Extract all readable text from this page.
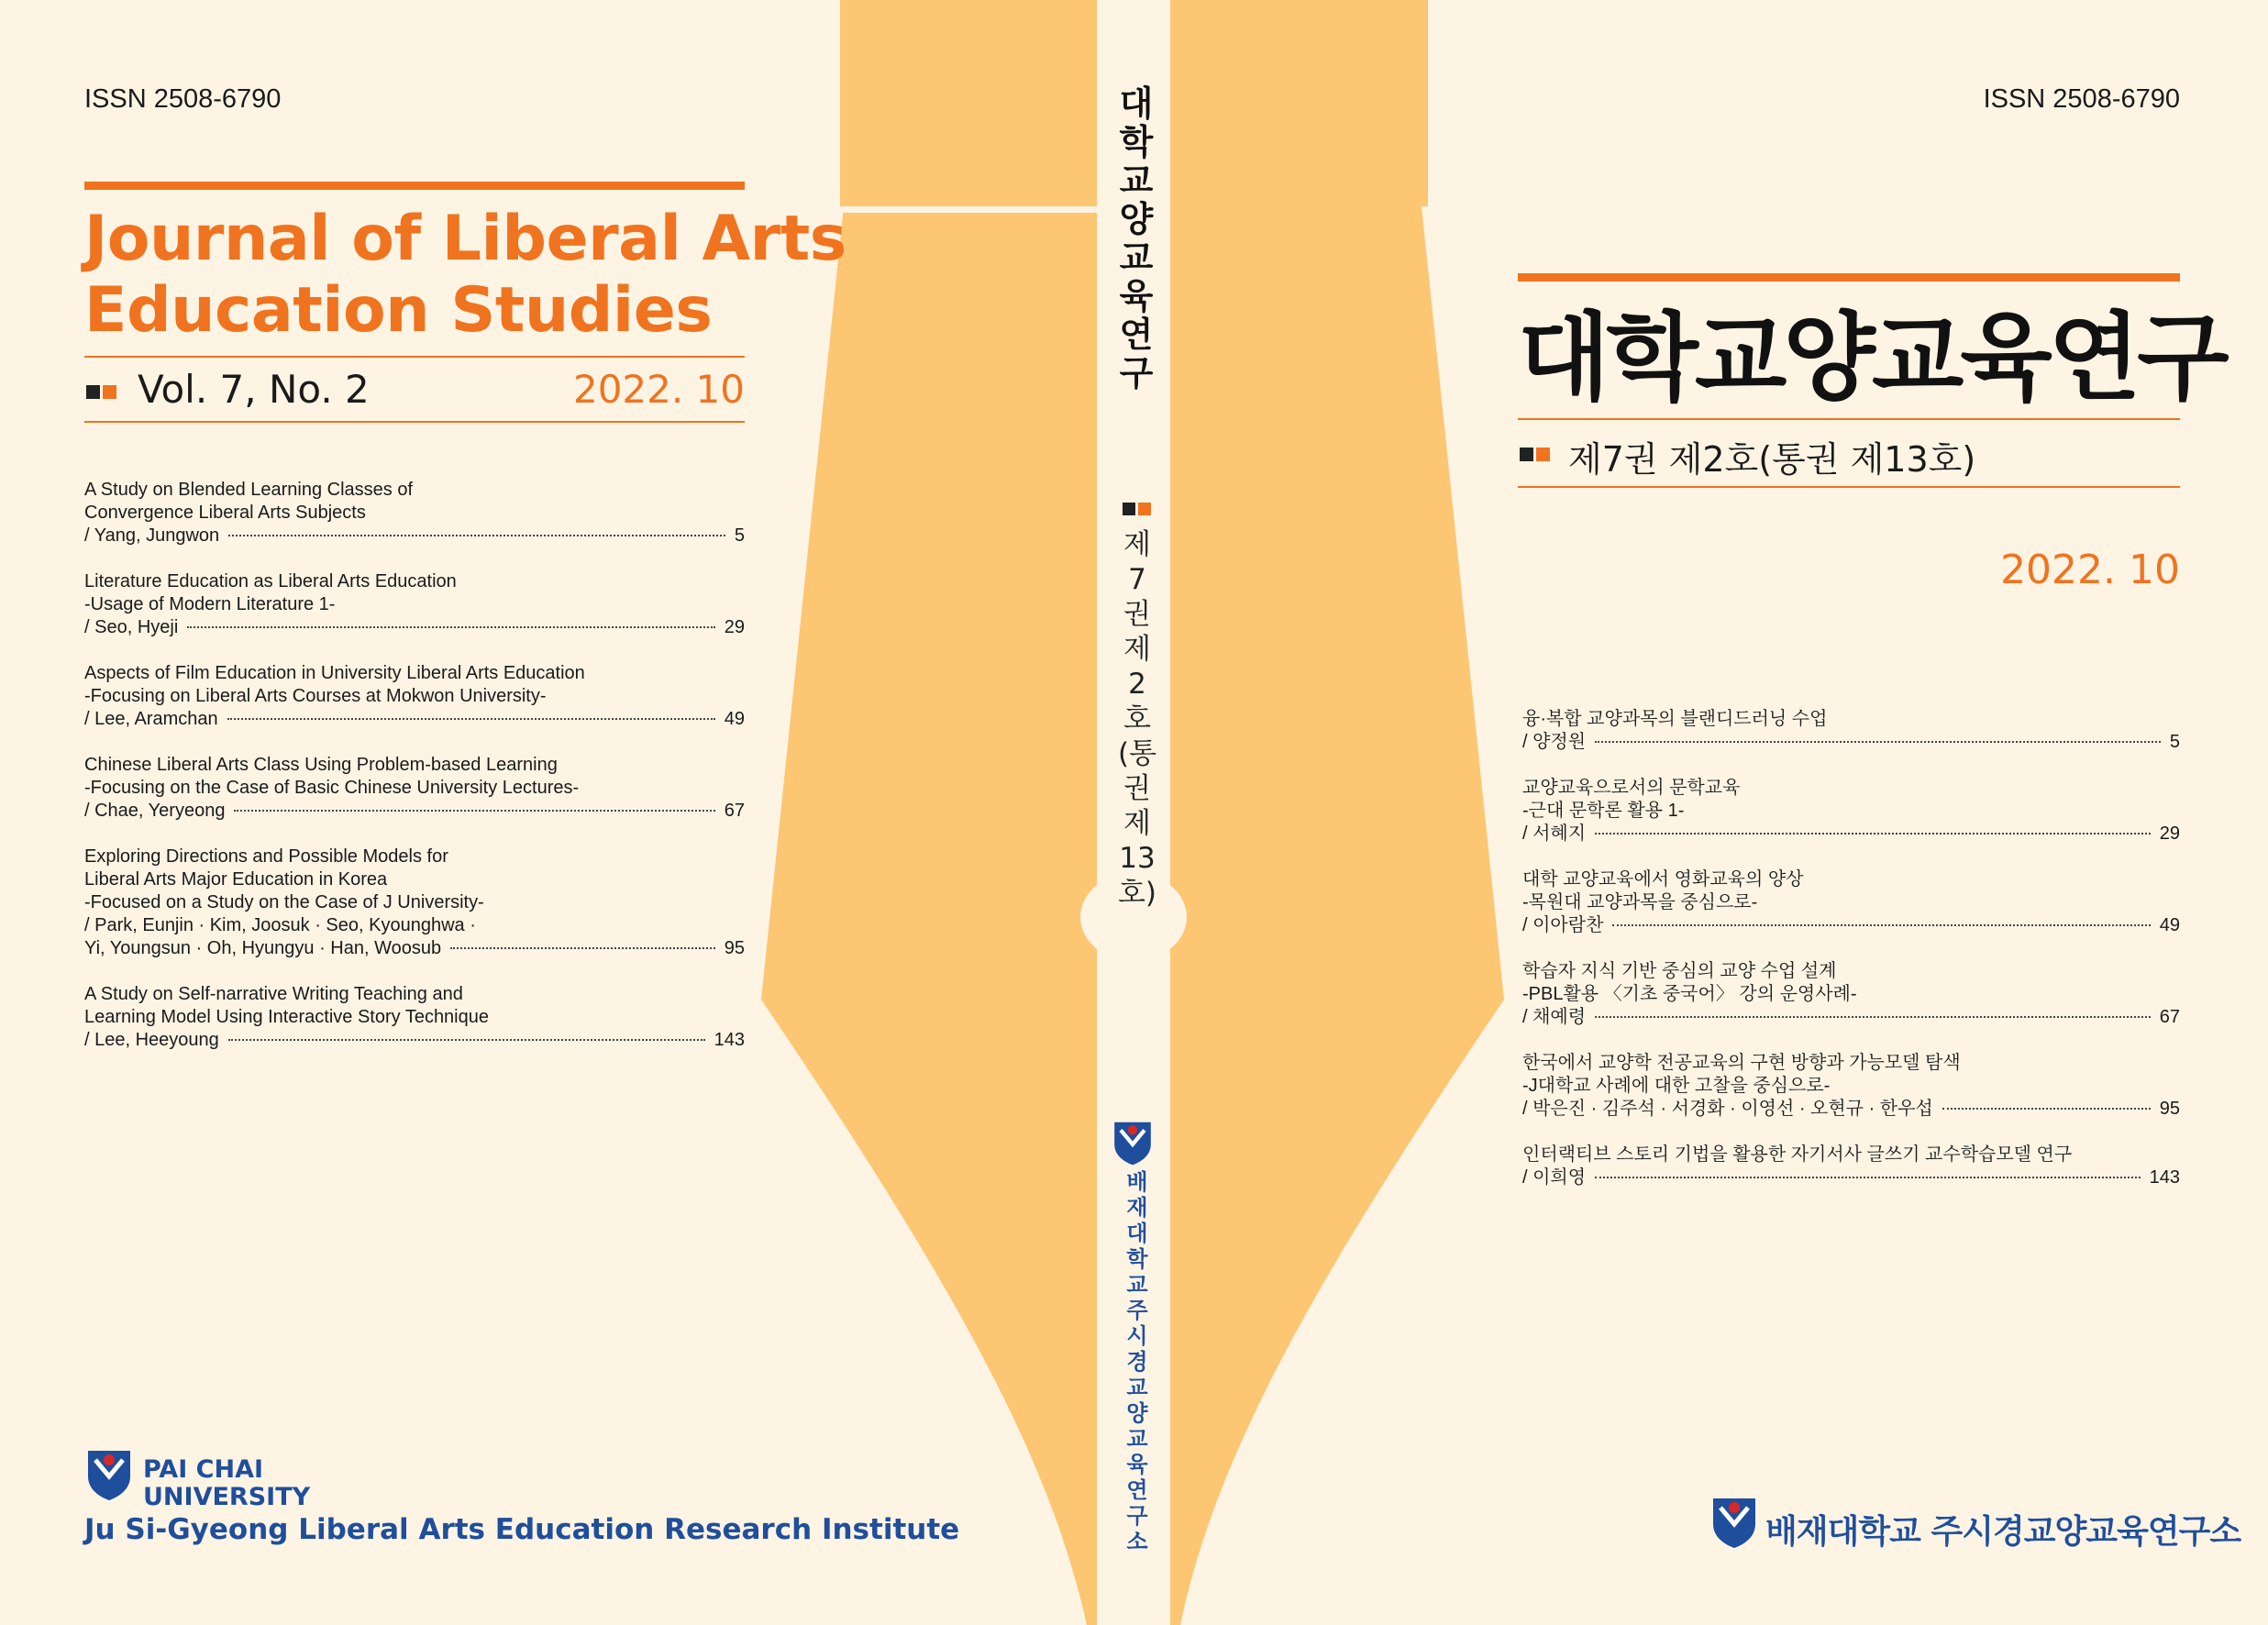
ISSN 2508-6790
Journal of Liberal Arts
Education Studies
Vol. 7, No. 2	2022. 10
A Study on Blended Learning Classes of
Convergence Liberal Arts Subjects
/ Yang, Jungwon	5
Literature Education as Liberal Arts Education
-Usage of Modern Literature 1-
/ Seo, Hyeji	29
Aspects of Film Education in University Liberal Arts Education
-Focusing on Liberal Arts Courses at Mokwon University-
/ Lee, Aramchan	49
Chinese Liberal Arts Class Using Problem-based Learning
-Focusing on the Case of Basic Chinese University Lectures-
/ Chae, Yeryeong	67
Exploring Directions and Possible Models for
Liberal Arts Major Education in Korea
-Focused on a Study on the Case of J University-
/ Park, Eunjin · Kim, Joosuk · Seo, Kyounghwa ·
Yi, Youngsun · Oh, Hyungyu · Han, Woosub	95
A Study on Self-narrative Writing Teaching and
Learning Model Using Interactive Story Technique
/ Lee, Heeyoung	143
PAI CHAI UNIVERSITY
Ju Si-Gyeong Liberal Arts Education Research Institute
대학교양교육연구
제7권 제2호(통권 제13호)
배재대학교 주시경교양교육연구소
ISSN 2508-6790
대학교양교육연구
제7권 제2호(통권 제13호)
2022. 10
융·복합 교양과목의 블랜디드러닝 수업
/ 양정원	5
교양교육으로서의 문학교육
-근대 문학론 활용 1-
/ 서혜지	29
대학 교양교육에서 영화교육의 양상
-목원대 교양과목을 중심으로-
/ 이아람찬	49
학습자 지식 기반 중심의 교양 수업 설계
-PBL활용 〈기초 중국어〉 강의 운영사례-
/ 채예령	67
한국에서 교양학 전공교육의 구현 방향과 가능모델 탐색
-J대학교 사례에 대한 고찰을 중심으로-
/ 박은진 · 김주석 · 서경화 · 이영선 · 오현규 · 한우섭	95
인터랙티브 스토리 기법을 활용한 자기서사 글쓰기 교수학습모델 연구
/ 이희영	143
배재대학교 주시경교양교육연구소
